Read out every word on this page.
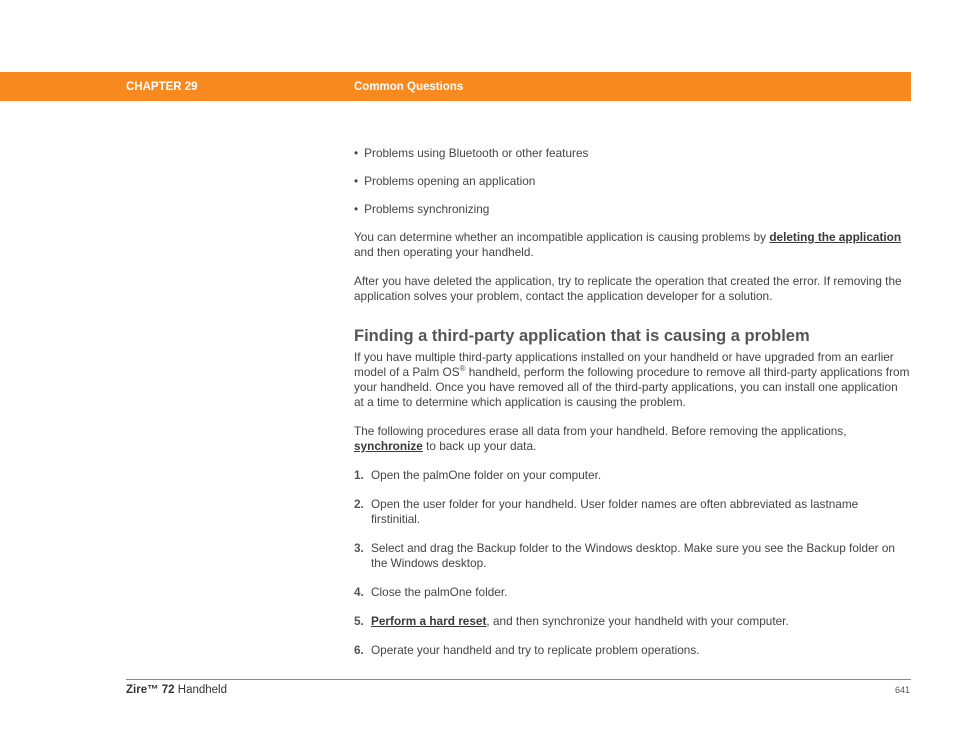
CHAPTER 29	Common Questions
• Problems using Bluetooth or other features
• Problems opening an application
• Problems synchronizing

You can determine whether an incompatible application is causing problems by deleting the application and then operating your handheld.

After you have deleted the application, try to replicate the operation that created the error. If removing the application solves your problem, contact the application developer for a solution.

Finding a third-party application that is causing a problem

If you have multiple third-party applications installed on your handheld or have upgraded from an earlier model of a Palm OS® handheld, perform the following procedure to remove all third-party applications from your handheld. Once you have removed all of the third-party applications, you can install one application at a time to determine which application is causing the problem.

The following procedures erase all data from your handheld. Before removing the applications, synchronize to back up your data.

1. Open the palmOne folder on your computer.
2. Open the user folder for your handheld. User folder names are often abbreviated as lastname firstinitial.
3. Select and drag the Backup folder to the Windows desktop. Make sure you see the Backup folder on the Windows desktop.
4. Close the palmOne folder.
5. Perform a hard reset, and then synchronize your handheld with your computer.
6. Operate your handheld and try to replicate problem operations.
Zire™ 72 Handheld	641
